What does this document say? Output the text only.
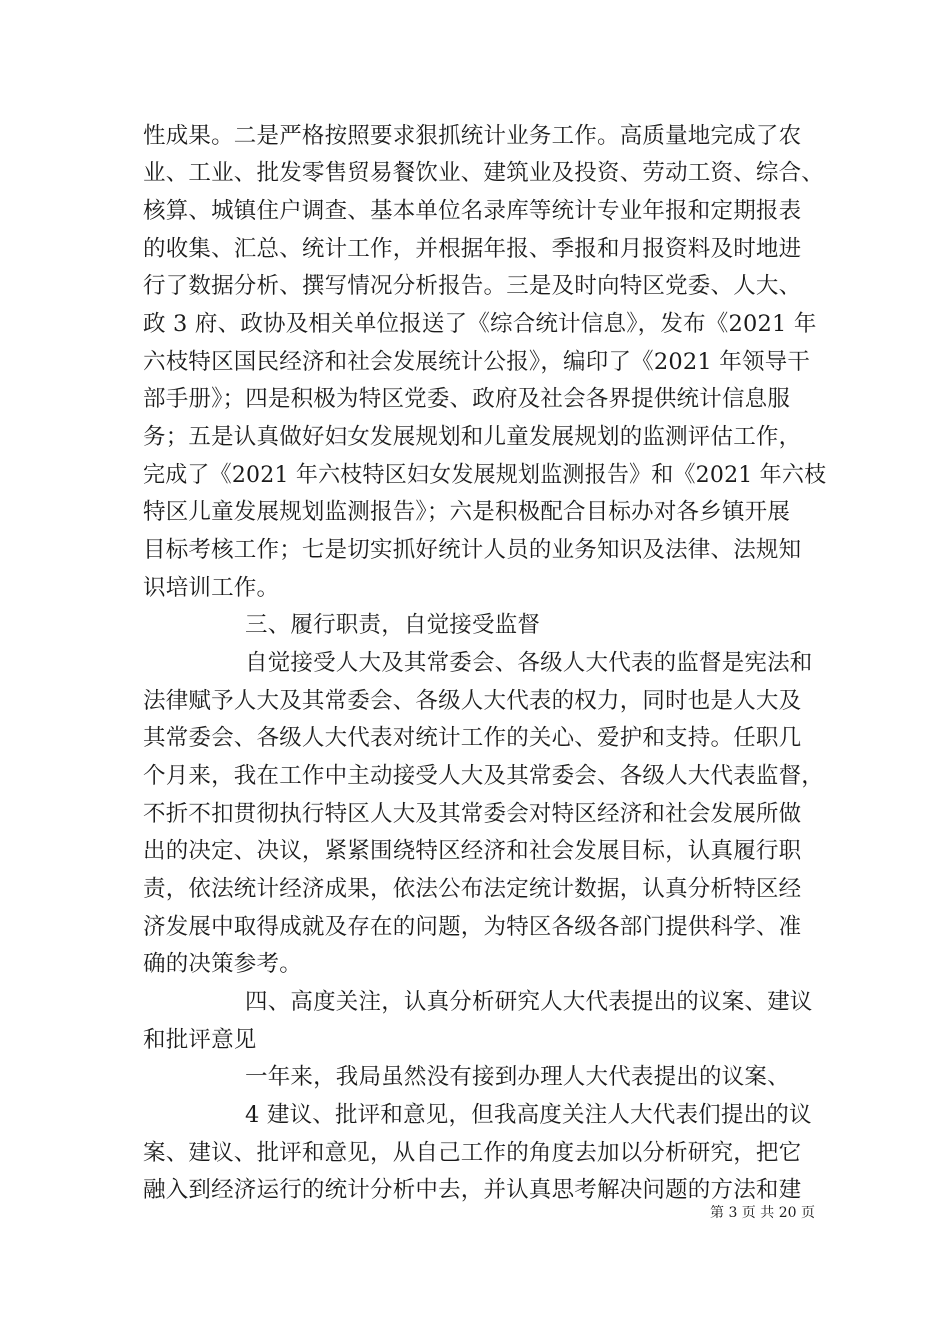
性成果。二是严格按照要求狠抓统计业务工作。高质量地完成了农
业、工业、批发零售贸易餐饮业、建筑业及投资、劳动工资、综合、
核算、城镇住户调查、基本单位名录库等统计专业年报和定期报表
的收集、汇总、统计工作，并根据年报、季报和月报资料及时地进
行了数据分析、撰写情况分析报告。三是及时向特区党委、人大、
政 3 府、政协及相关单位报送了《综合统计信息》，发布《2021 年
六枝特区国民经济和社会发展统计公报》，编印了《2021 年领导干
部手册》；四是积极为特区党委、政府及社会各界提供统计信息服
务；五是认真做好妇女发展规划和儿童发展规划的监测评估工作，
完成了《2021 年六枝特区妇女发展规划监测报告》和《2021 年六枝
特区儿童发展规划监测报告》；六是积极配合目标办对各乡镇开展
目标考核工作；七是切实抓好统计人员的业务知识及法律、法规知
识培训工作。
三、履行职责，自觉接受监督
自觉接受人大及其常委会、各级人大代表的监督是宪法和
法律赋予人大及其常委会、各级人大代表的权力，同时也是人大及
其常委会、各级人大代表对统计工作的关心、爱护和支持。任职几
个月来，我在工作中主动接受人大及其常委会、各级人大代表监督，
不折不扣贯彻执行特区人大及其常委会对特区经济和社会发展所做
出的决定、决议，紧紧围绕特区经济和社会发展目标，认真履行职
责，依法统计经济成果，依法公布法定统计数据，认真分析特区经
济发展中取得成就及存在的问题，为特区各级各部门提供科学、准
确的决策参考。
四、高度关注，认真分析研究人大代表提出的议案、建议
和批评意见
一年来，我局虽然没有接到办理人大代表提出的议案、
4 建议、批评和意见，但我高度关注人大代表们提出的议
案、建议、批评和意见，从自己工作的角度去加以分析研究，把它
融入到经济运行的统计分析中去，并认真思考解决问题的方法和建
第 3 页 共 20 页
